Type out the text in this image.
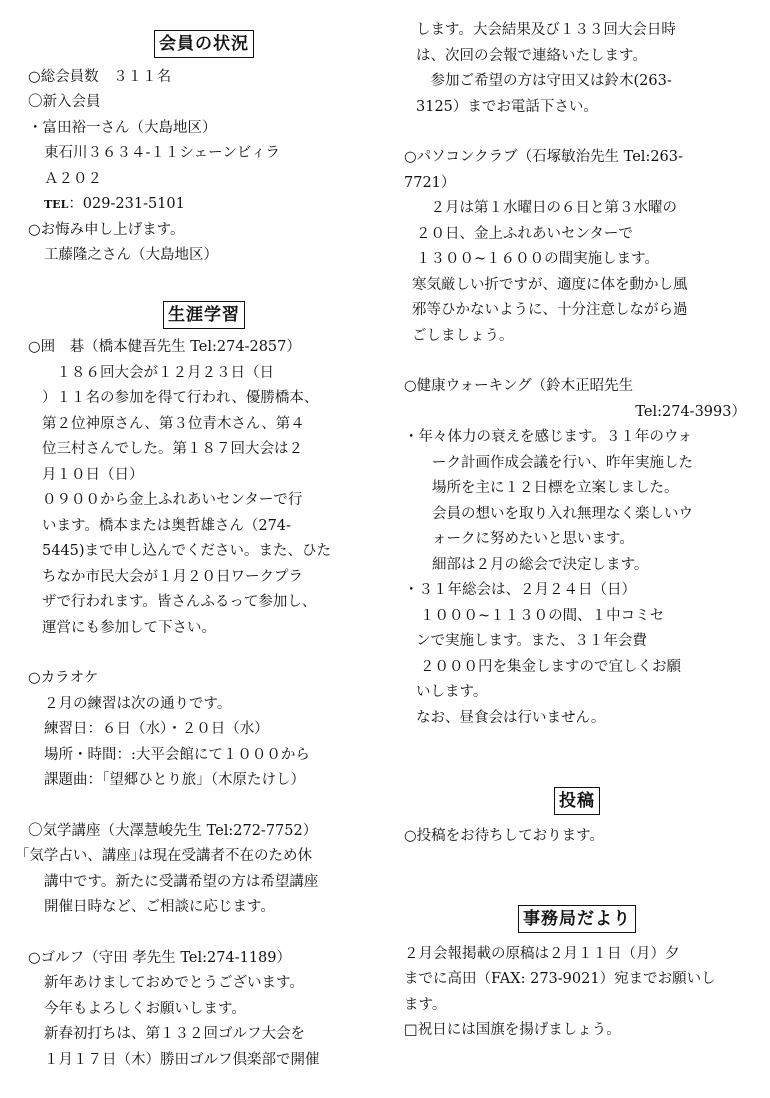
会員の状況
○総会員数　３１１名
〇新入会員
・富田裕一さん（大島地区）
東石川３６３４-１１シェーンビィラ
Ａ２０２
TEL：029-231-5101
○お悔み申し上げます。
工藤隆之さん（大島地区）
生涯学習
○囲　碁（橋本健吾先生 Tel:274-2857）
　１８６回大会が１２月２３日（日
）１１名の参加を得て行われ、優勝橋本、
第２位神原さん、第３位青木さん、第４
位三村さんでした。第１８７回大会は２
月１０日（日）
０９００から金上ふれあいセンターで行
います。橋本または奥哲雄さん（274-
5445)まで申し込んでください。また、ひた
ちなか市民大会が１月２０日ワークプラ
ザで行われます。皆さんふるって参加し、
運営にも参加して下さい。
○カラオケ
２月の練習は次の通りです。
練習日：６日（水）・２０日（水）
場所・時間：:大平会館にて１０００から
課題曲：｢望郷ひとり旅｣（木原たけし）
〇気学講座（大澤慧峻先生 Tel:272-7752）
｢気学占い、講座｣は現在受講者不在のため休
講中です。新たに受講希望の方は希望講座
開催日時など、ご相談に応じます。
○ゴルフ（守田 孝先生 Tel:274-1189）
新年あけましておめでとうございます。
今年もよろしくお願いします。
新春初打ちは、第１３２回ゴルフ大会を
１月１７日（木）勝田ゴルフ倶楽部で開催
します。大会結果及び１３３回大会日時
は、次回の会報で連絡いたします。
　参加ご希望の方は守田又は鈴木(263-
3125）までお電話下さい。
○パソコンクラブ（石塚敏治先生 Tel:263-
7721）
　２月は第１水曜日の６日と第３水曜の
２０日、金上ふれあいセンターで
１３００~１６００の間実施します。
寒気厳しい折ですが、適度に体を動かし風
邪等ひかないように、十分注意しながら過
ごしましょう。
○健康ウォーキング（鈴木正昭先生
Tel:274-3993）
・年々体力の衰えを感じます。３１年のウォ
ーク計画作成会議を行い、昨年実施した
場所を主に１２日標を立案しました。
会員の想いを取り入れ無理なく楽しいウ
ォークに努めたいと思います。
細部は２月の総会で決定します。
・３１年総会は、２月２４日（日）
１０００~１１３０の間、１中コミセ
ンで実施します。また、３１年会費
２０００円を集金しますので宜しくお願
いします。
なお、昼食会は行いません。
投稿
○投稿をお待ちしております。
事務局だより
２月会報掲載の原稿は２月１１日（月）夕
までに高田（FAX: 273-9021）宛までお願いし
ます。
□祝日には国旗を揚げましょう。
